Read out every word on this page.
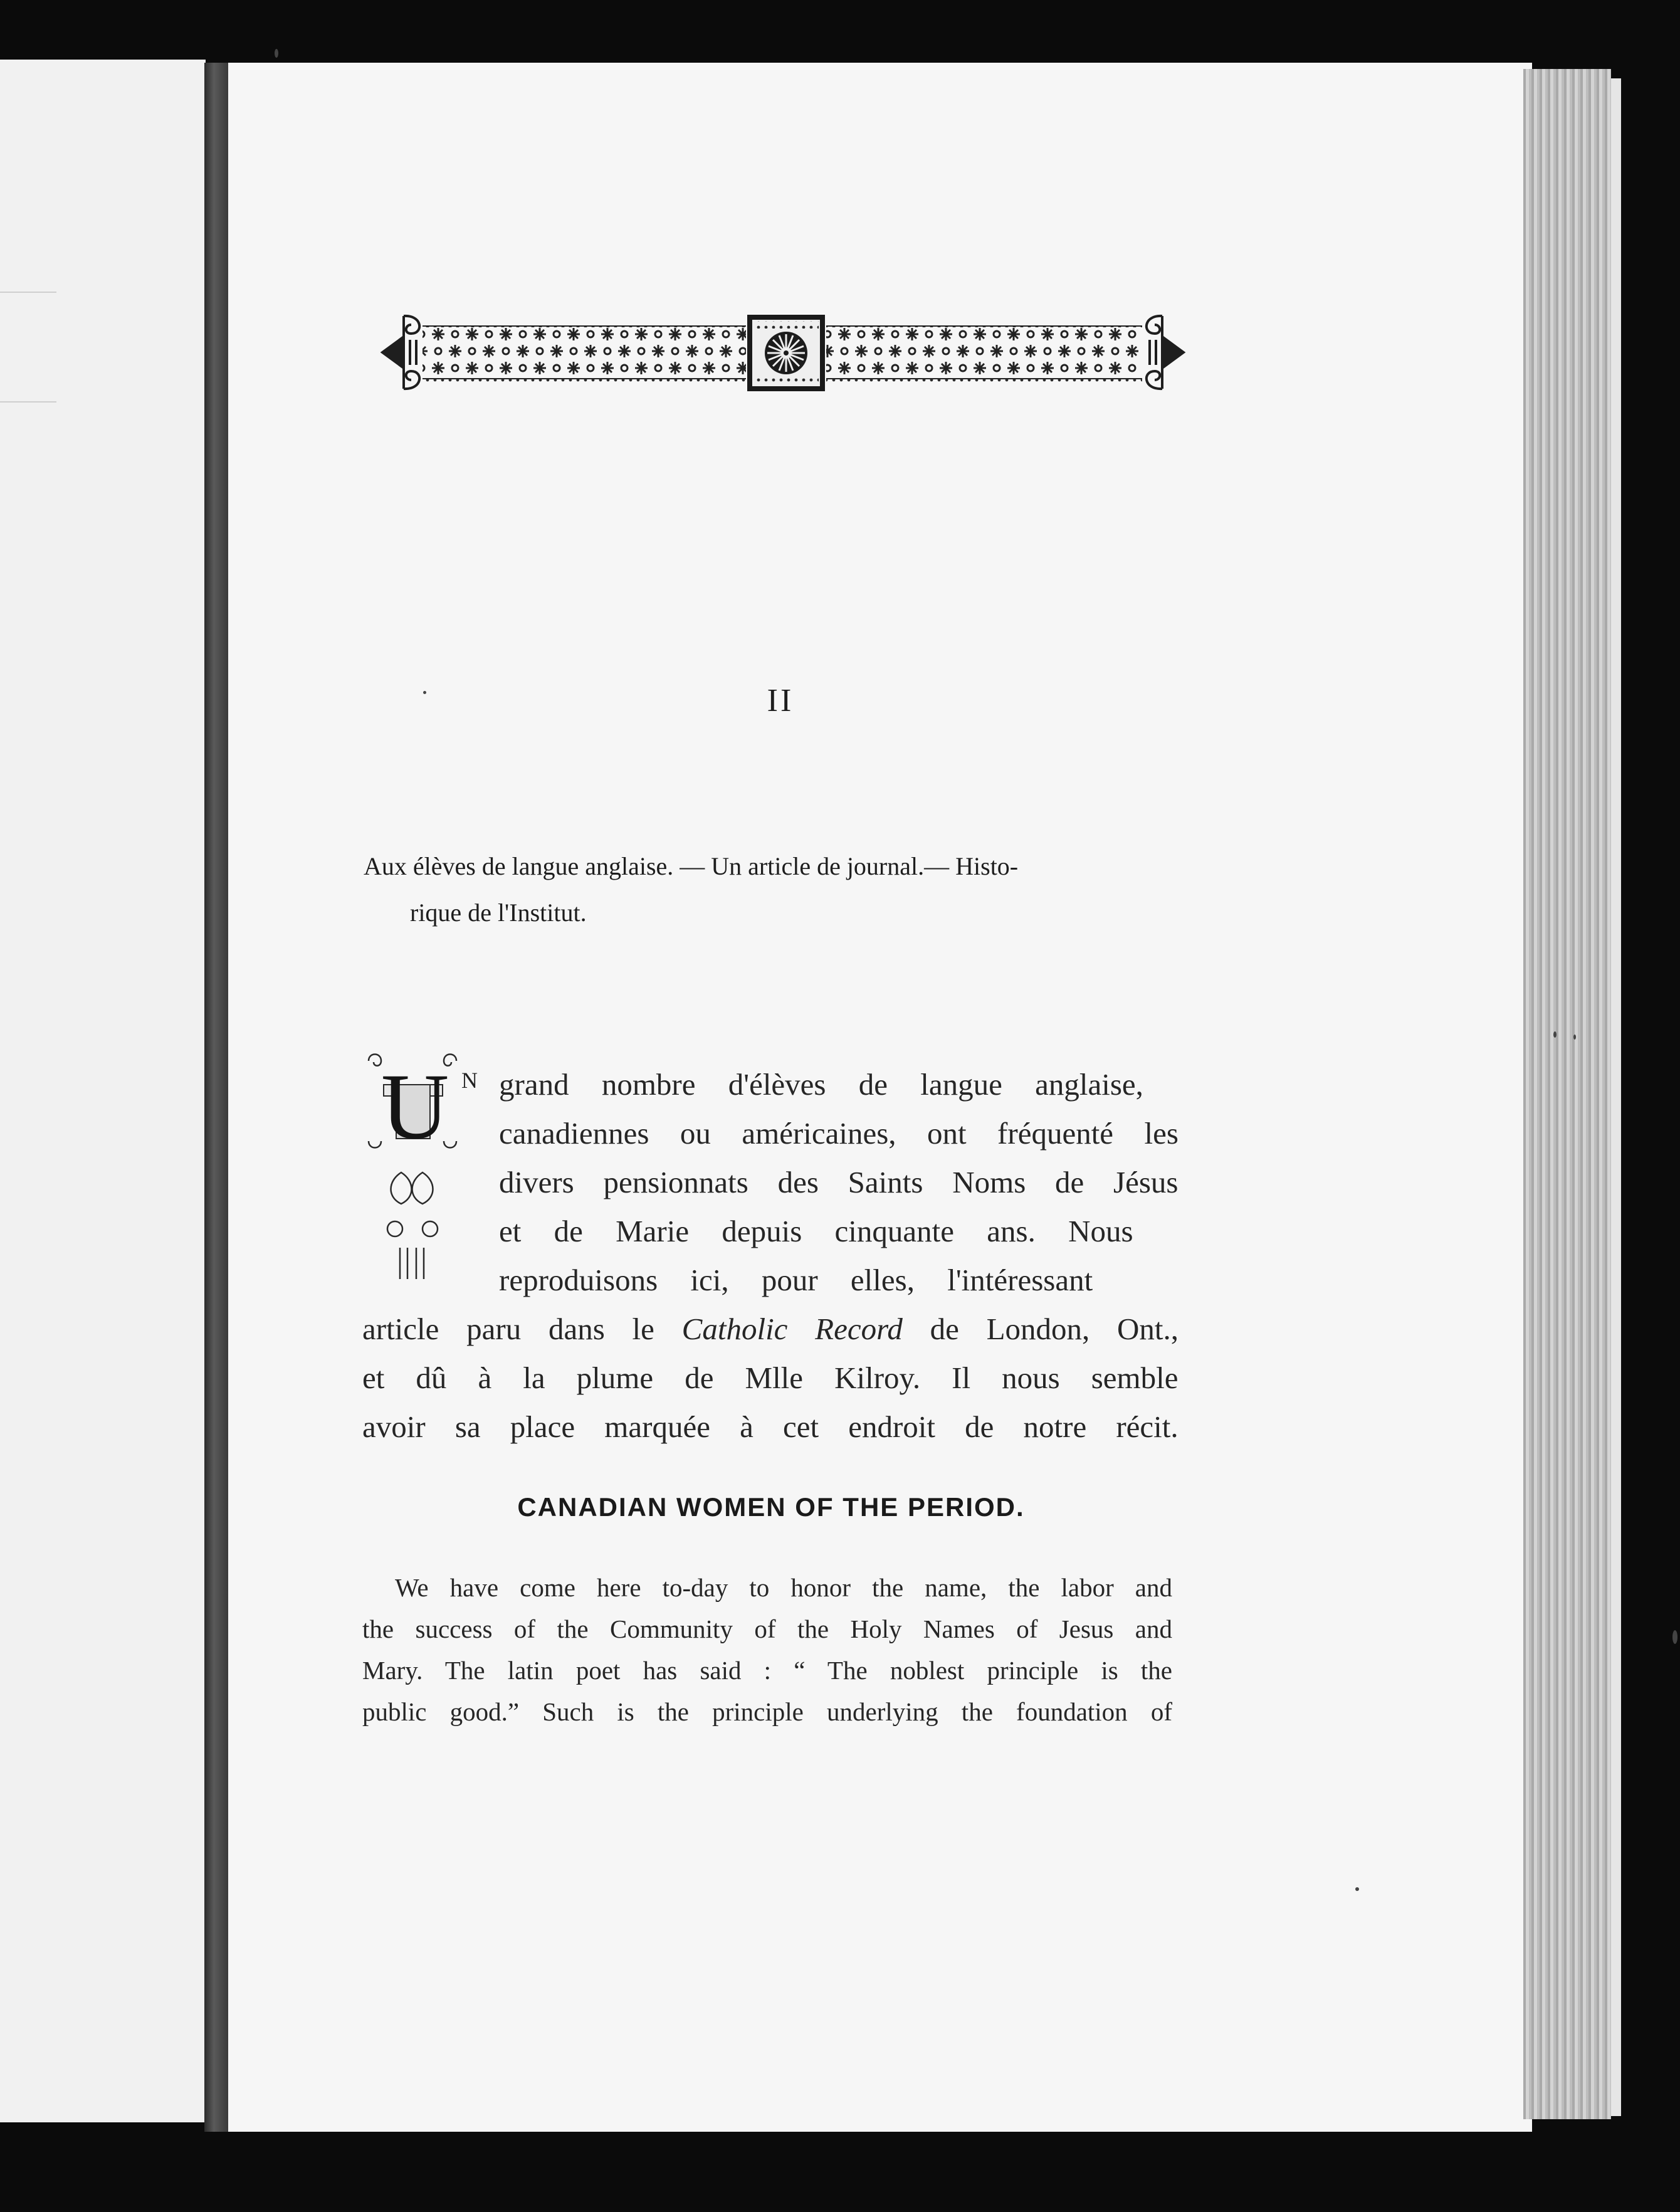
II
Aux élèves de langue anglaise. — Un article de journal.— Histo-
rique de l'Institut.
U N grand nombre d'élèves de langue anglaise,
canadiennes ou américaines, ont fréquenté les
divers pensionnats des Saints Noms de Jésus
et de Marie depuis cinquante ans. Nous
reproduisons ici, pour elles, l'intéressant
article paru dans le Catholic Record de London, Ont.,
et dû à la plume de Mlle Kilroy. Il nous semble
avoir sa place marquée à cet endroit de notre récit.
CANADIAN WOMEN OF THE PERIOD.
We have come here to-day to honor the name, the labor and
the success of the Community of the Holy Names of Jesus and
Mary. The latin poet has said : “ The noblest principle is the
public good.” Such is the principle underlying the foundation of
